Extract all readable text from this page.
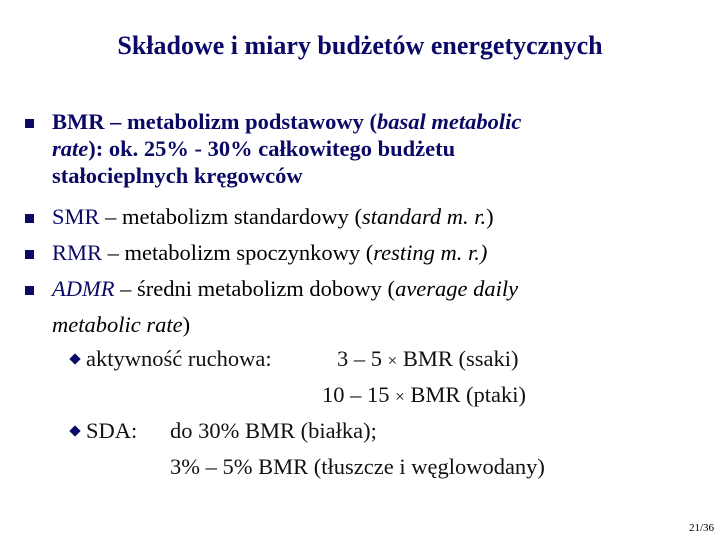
Składowe i miary budżetów energetycznych
BMR – metabolizm podstawowy (basal metabolic
rate): ok. 25% - 30% całkowitego budżetu
stałocieplnych kręgowców
SMR – metabolizm standardowy (standard m. r.)
RMR – metabolizm spoczynkowy (resting m. r.)
ADMR – średni metabolizm dobowy (average daily
metabolic rate)
aktywność ruchowa:	3 – 5 × BMR (ssaki)
10 – 15 × BMR (ptaki)
SDA: do 30% BMR (białka);
3% – 5% BMR (tłuszcze i węglowodany)
21/36
